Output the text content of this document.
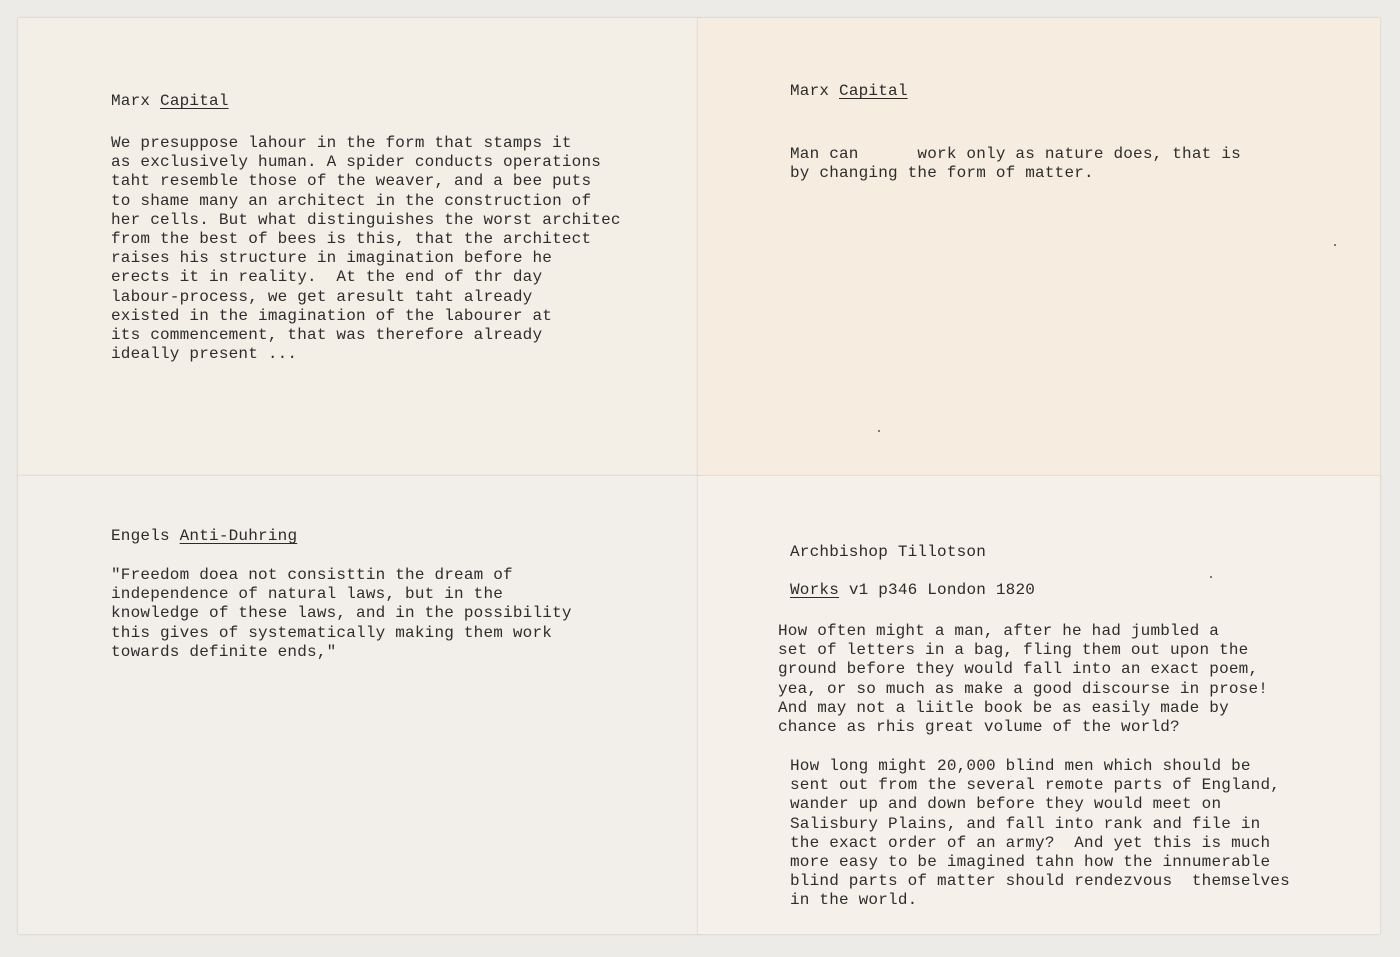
Marx Capital
We presuppose lahour in the form that stamps it
as exclusively human. A spider conducts operations
taht resemble those of the weaver, and a bee puts
to shame many an architect in the construction of
her cells. But what distinguishes the worst architec
from the best of bees is this, that the architect
raises his structure in imagination before he
erects it in reality.  At the end of thr day
labour-process, we get aresult taht already
existed in the imagination of the labourer at
its commencement, that was therefore already
ideally present ...
Marx Capital
Man can      work only as nature does, that is
by changing the form of matter.
Engels Anti-Duhring
"Freedom doea not consisttin the dream of
independence of natural laws, but in the
knowledge of these laws, and in the possibility
this gives of systematically making them work
towards definite ends,"
Archbishop Tillotson
Works v1 p346 London 1820
How often might a man, after he had jumbled a
set of letters in a bag, fling them out upon the
ground before they would fall into an exact poem,
yea, or so much as make a good discourse in prose!
And may not a liitle book be as easily made by
chance as rhis great volume of the world?
How long might 20,000 blind men which should be
sent out from the several remote parts of England,
wander up and down before they would meet on
Salisbury Plains, and fall into rank and file in
the exact order of an army?  And yet this is much
more easy to be imagined tahn how the innumerable
blind parts of matter should rendezvous  themselves
in the world.
